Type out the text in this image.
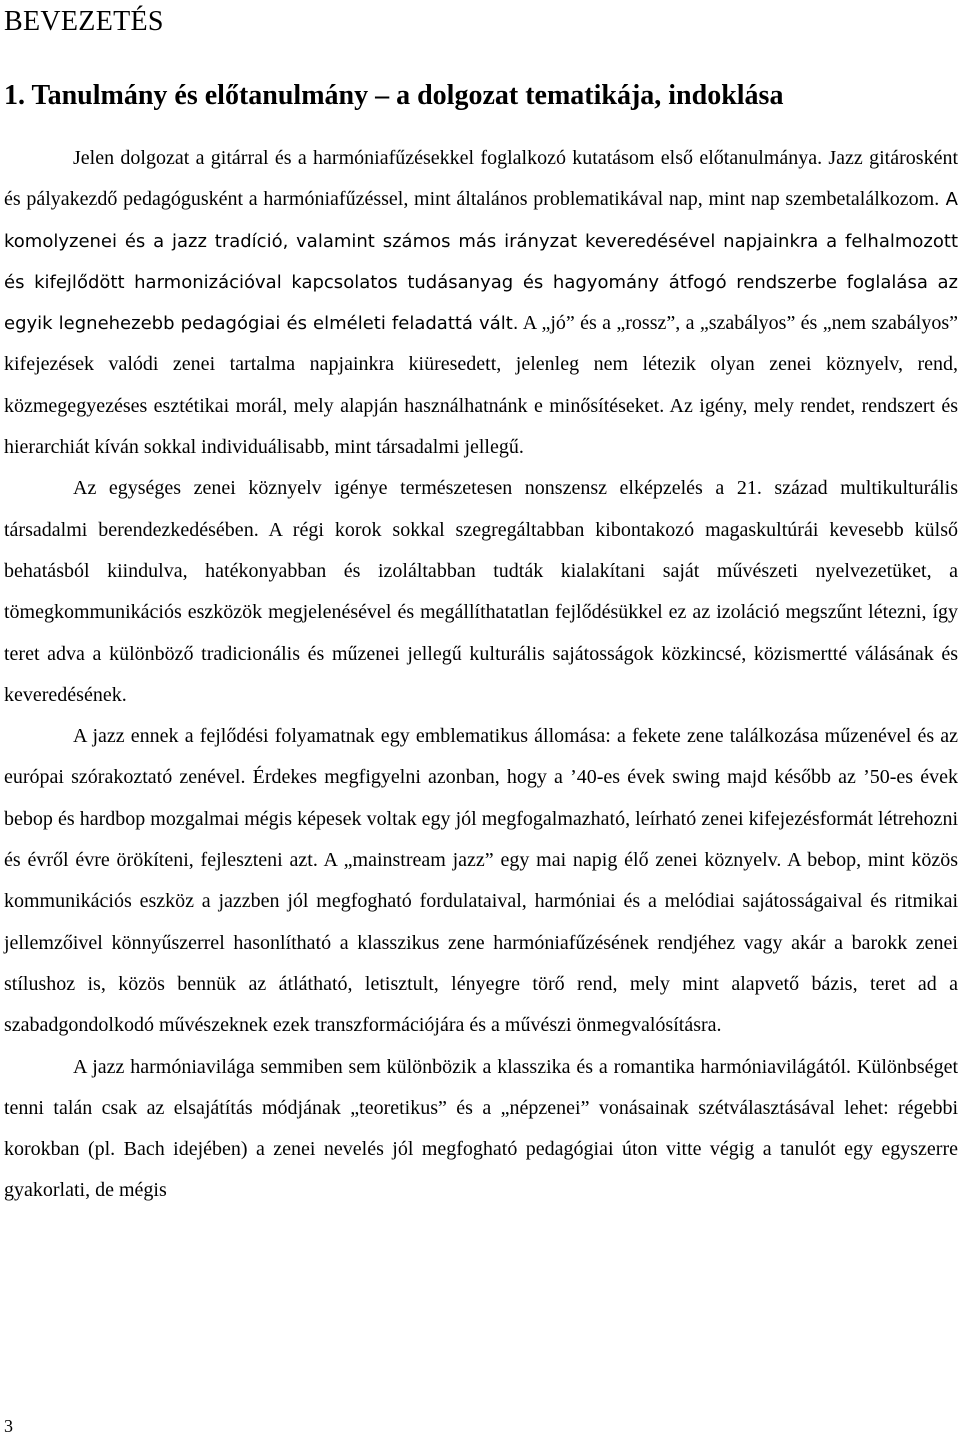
BEVEZETÉS
1. Tanulmány és előtanulmány – a dolgozat tematikája, indoklása

Jelen dolgozat a gitárral és a harmóniafűzésekkel foglalkozó kutatásom első előtanulmánya. Jazz gitárosként és pályakezdő pedagógusként a harmóniafűzéssel, mint általános problematikával nap, mint nap szembetalálkozom. A komolyzenei és a jazz tradíció, valamint számos más irányzat keveredésével napjainkra a felhalmozott és kifejlődött harmonizációval kapcsolatos tudásanyag és hagyomány átfogó rendszerbe foglalása az egyik legnehezebb pedagógiai és elméleti feladattá vált. A „jó” és a „rossz”, a „szabályos” és „nem szabályos” kifejezések valódi zenei tartalma napjainkra kiüresedett, jelenleg nem létezik olyan zenei köznyelv, rend, közmegegyezéses esztétikai morál, mely alapján használhatnánk e minősítéseket. Az igény, mely rendet, rendszert és hierarchiát kíván sokkal individuálisabb, mint társadalmi jellegű.

Az egységes zenei köznyelv igénye természetesen nonszensz elképzelés a 21. század multikulturális társadalmi berendezkedésében. A régi korok sokkal szegregáltabban kibontakozó magaskultúrái kevesebb külső behatásból kiindulva, hatékonyabban és izoláltabban tudták kialakítani saját művészeti nyelvezetüket, a tömegkommunikációs eszközök megjelenésével és megállíthatatlan fejlődésükkel ez az izoláció megszűnt létezni, így teret adva a különböző tradicionális és műzenei jellegű kulturális sajátosságok közkincsé, közismertté válásának és keveredésének.

A jazz ennek a fejlődési folyamatnak egy emblematikus állomása: a fekete zene találkozása műzenével és az európai szórakoztató zenével. Érdekes megfigyelni azonban, hogy a ’40-es évek swing majd később az ’50-es évek bebop és hardbop mozgalmai mégis képesek voltak egy jól megfogalmazható, leírható zenei kifejezésformát létrehozni és évről évre örökíteni, fejleszteni azt. A „mainstream jazz” egy mai napig élő zenei köznyelv. A bebop, mint közös kommunikációs eszköz a jazzben jól megfogható fordulataival, harmóniai és a melódiai sajátosságaival és ritmikai jellemzőivel könnyűszerrel hasonlítható a klasszikus zene harmóniafűzésének rendjéhez vagy akár a barokk zenei stílushoz is, közös bennük az átlátható, letisztult, lényegre törő rend, mely mint alapvető bázis, teret ad a szabadgondolkodó művészeknek ezek transzformációjára és a művészi önmegvalósításra.

A jazz harmóniavilága semmiben sem különbözik a klasszika és a romantika harmóniavilágától. Különbséget tenni talán csak az elsajátítás módjának „teoretikus” és a „népzenei” vonásainak szétválasztásával lehet: régebbi korokban (pl. Bach idejében) a zenei nevelés jól megfogható pedagógiai úton vitte végig a tanulót egy egyszerre gyakorlati, de mégis

3
